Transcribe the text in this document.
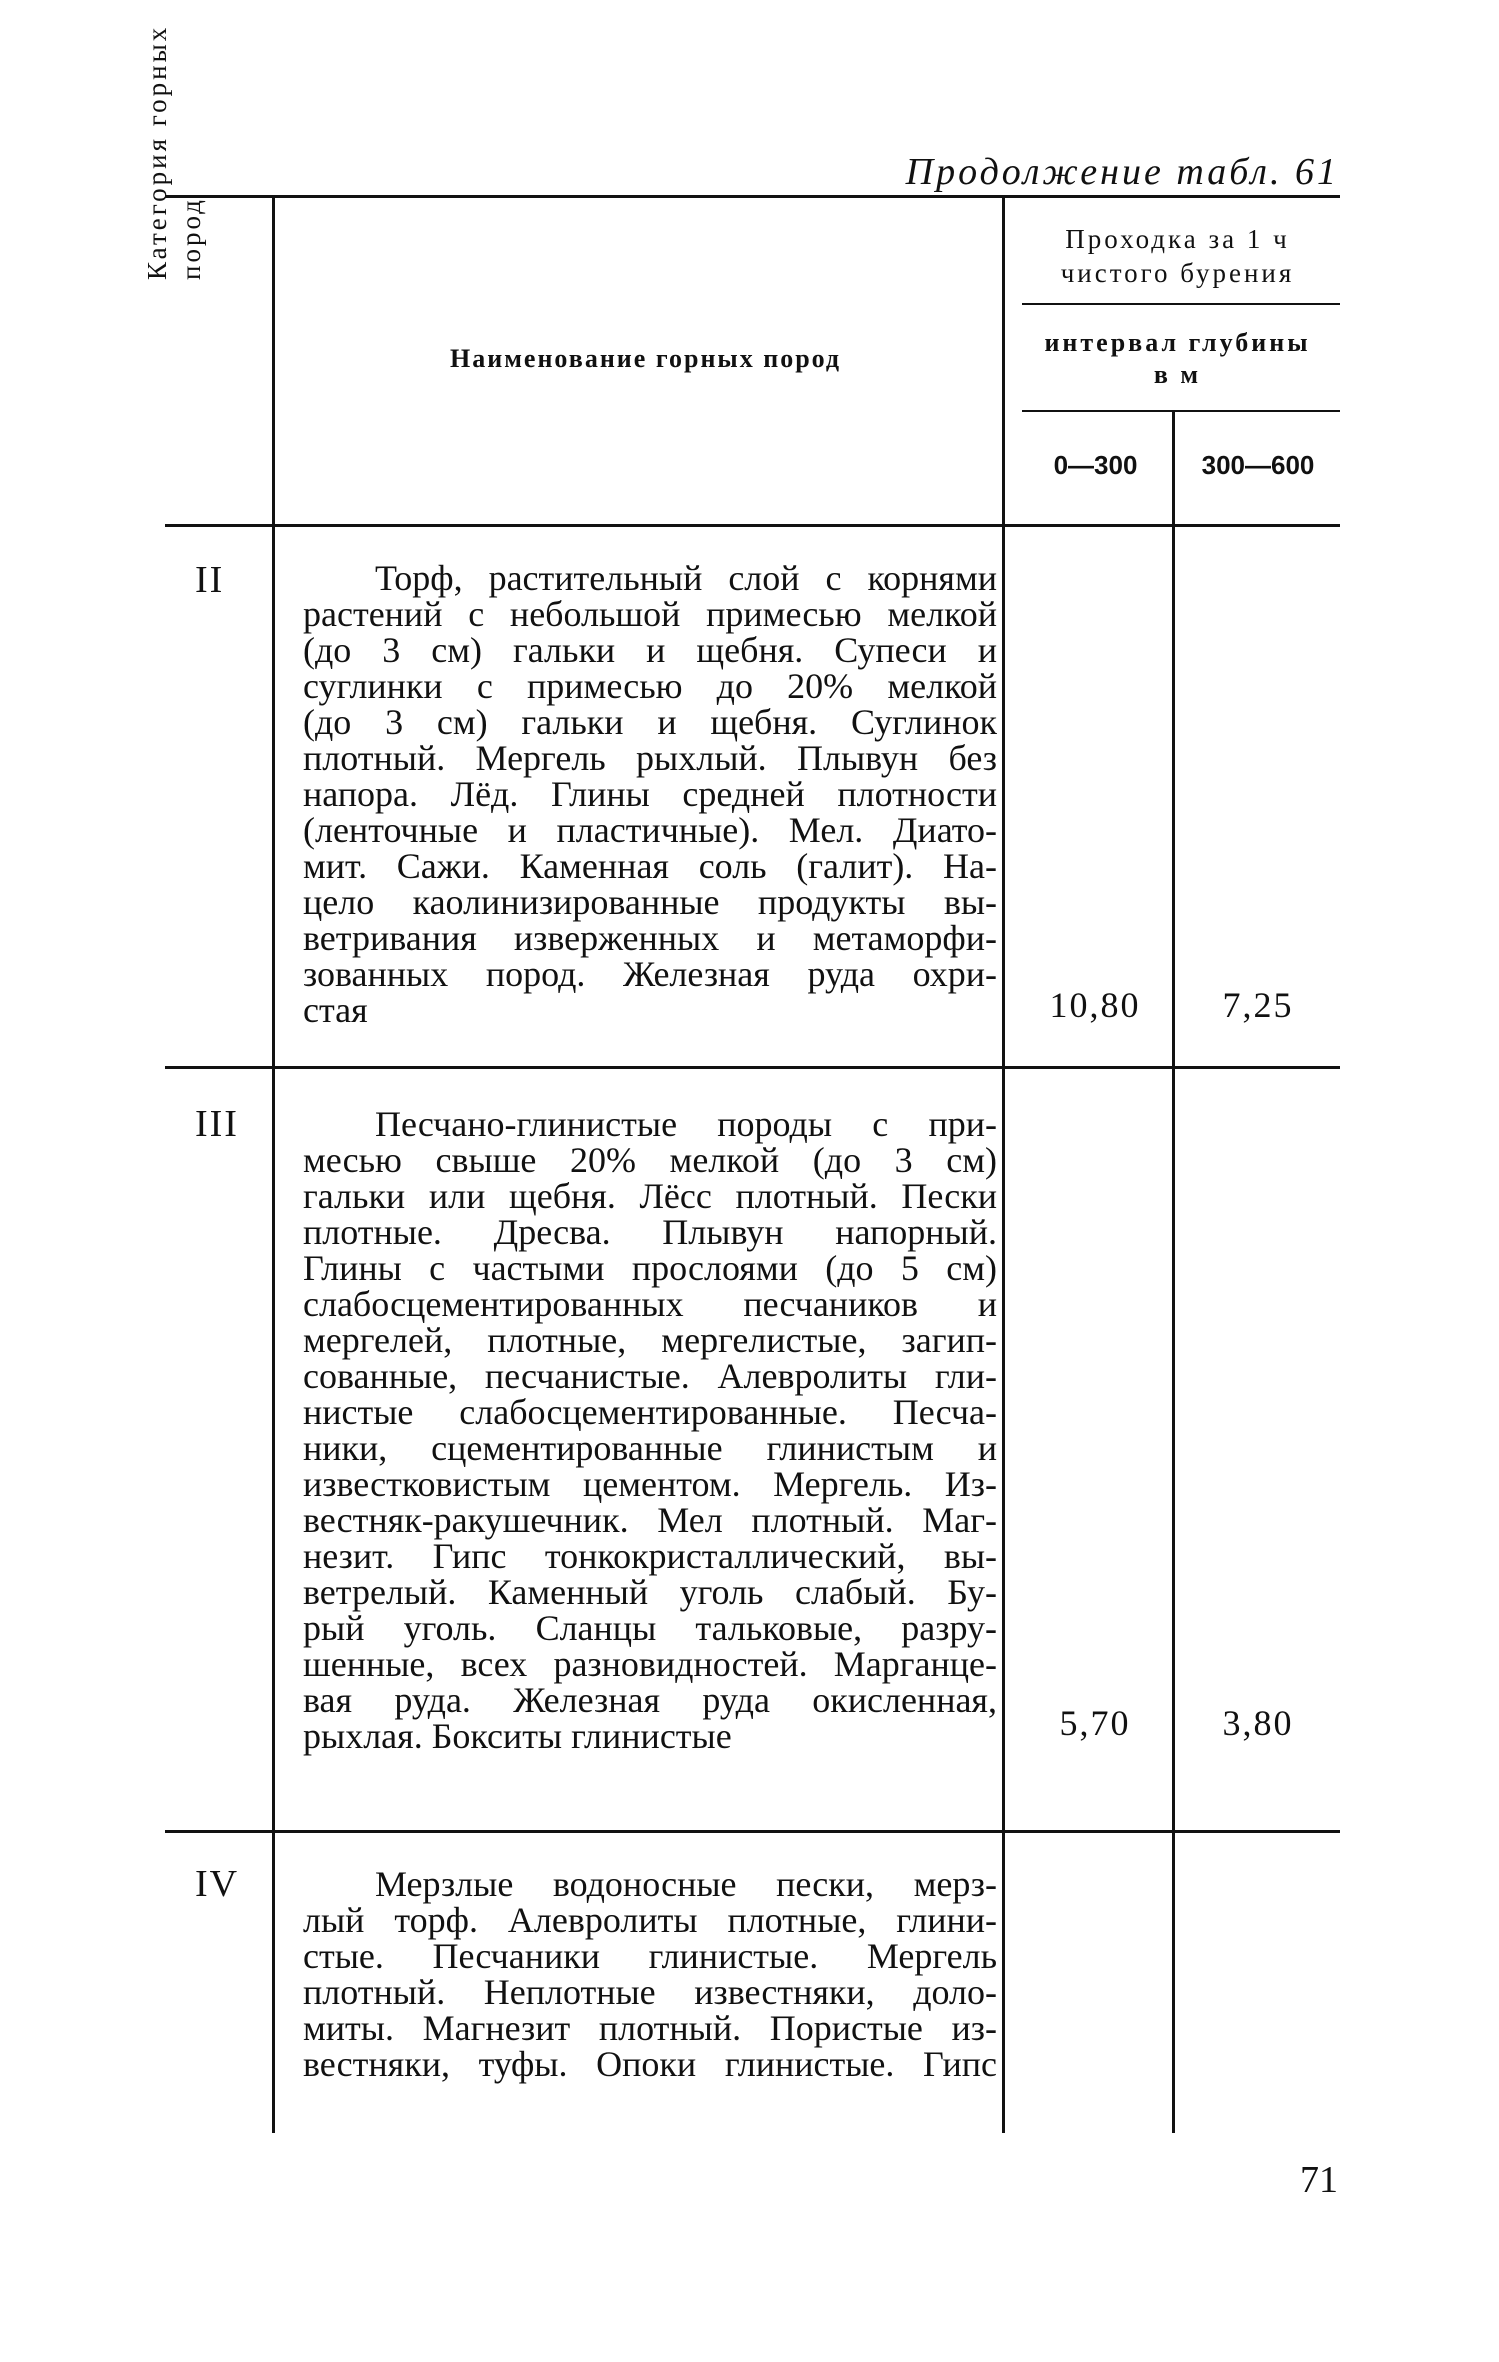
Продолжение табл. 61
Категория горных пород
Наименование горных пород
Проходка за 1 ч
чистого бурения
интервал глубины
в м
0—300	300—600
II	Торф, растительный слой с корнями
растений с небольшой примесью мелкой
(до 3 см) гальки и щебня. Супеси и
суглинки с примесью до 20% мелкой
(до 3 см) гальки и щебня. Суглинок
плотный. Мергель рыхлый. Плывун без
напора. Лёд. Глины средней плотности
(ленточные и пластичные). Мел. Диато-
мит. Сажи. Каменная соль (галит). На-
цело каолинизированные продукты вы-
ветривания изверженных и метаморфи-
зованных пород. Железная руда охри-
стая	10,80	7,25
III	Песчано-глинистые породы с при-
месью свыше 20% мелкой (до 3 см)
гальки или щебня. Лёсс плотный. Пески
плотные. Дресва. Плывун напорный.
Глины с частыми прослоями (до 5 см)
слабосцементированных песчаников и
мергелей, плотные, мергелистые, загип-
сованные, песчанистые. Алевролиты гли-
нистые слабосцементированные. Песча-
ники, сцементированные глинистым и
известковистым цементом. Мергель. Из-
вестняк-ракушечник. Мел плотный. Маг-
незит. Гипс тонкокристаллический, вы-
ветрелый. Каменный уголь слабый. Бу-
рый уголь. Сланцы тальковые, разру-
шенные, всех разновидностей. Марганце-
вая руда. Железная руда окисленная,
рыхлая. Бокситы глинистые	5,70	3,80
IV	Мерзлые водоносные пески, мерз-
лый торф. Алевролиты плотные, глини-
стые. Песчаники глинистые. Мергель
плотный. Неплотные известняки, доло-
миты. Магнезит плотный. Пористые из-
вестняки, туфы. Опоки глинистые. Гипс
71
